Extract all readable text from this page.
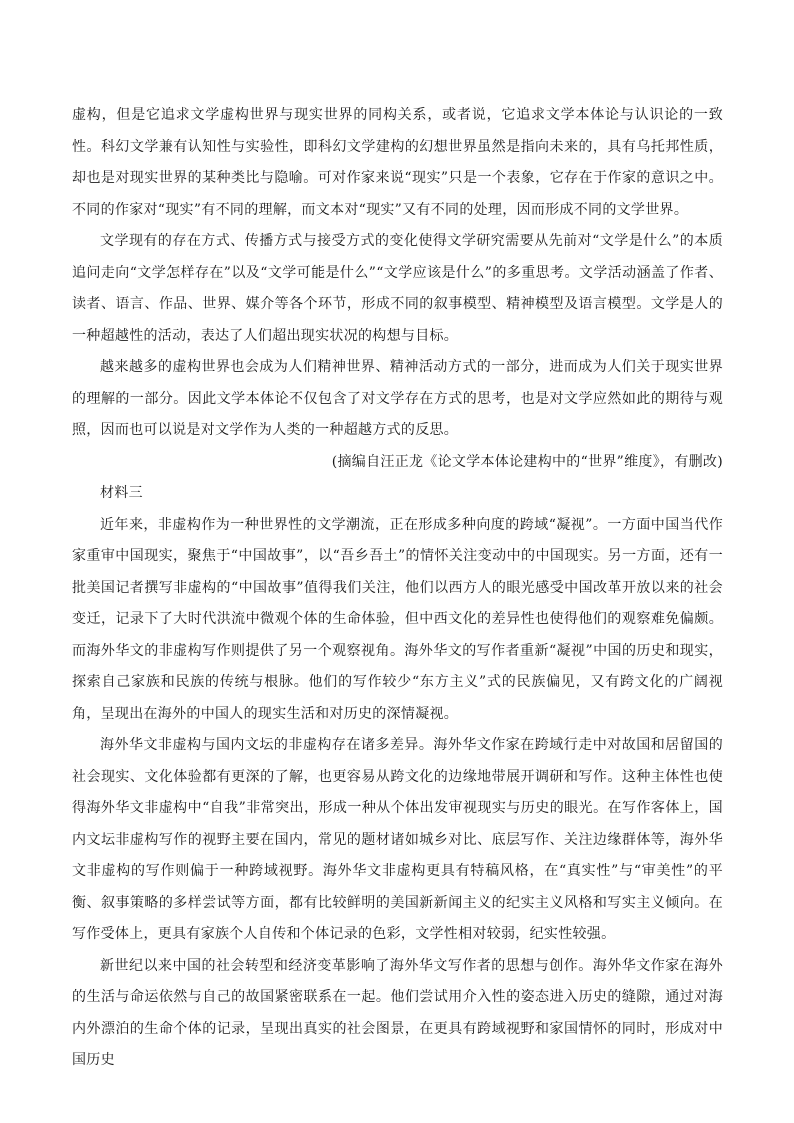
虚构，但是它追求文学虚构世界与现实世界的同构关系，或者说，它追求文学本体论与认识论的一致性。科幻文学兼有认知性与实验性，即科幻文学建构的幻想世界虽然是指向未来的，具有乌托邦性质，却也是对现实世界的某种类比与隐喻。可对作家来说“现实”只是一个表象，它存在于作家的意识之中。不同的作家对“现实”有不同的理解，而文本对“现实”又有不同的处理，因而形成不同的文学世界。

文学现有的存在方式、传播方式与接受方式的变化使得文学研究需要从先前对“文学是什么”的本质追问走向“文学怎样存在”以及“文学可能是什么”“文学应该是什么”的多重思考。文学活动涵盖了作者、读者、语言、作品、世界、媒介等各个环节，形成不同的叙事模型、精神模型及语言模型。文学是人的一种超越性的活动，表达了人们超出现实状况的构想与目标。

越来越多的虚构世界也会成为人们精神世界、精神活动方式的一部分，进而成为人们关于现实世界的理解的一部分。因此文学本体论不仅包含了对文学存在方式的思考，也是对文学应然如此的期待与观照，因而也可以说是对文学作为人类的一种超越方式的反思。

(摘编自汪正龙《论文学本体论建构中的“世界”维度》，有删改)

材料三

近年来，非虚构作为一种世界性的文学潮流，正在形成多种向度的跨域“凝视”。一方面中国当代作家重审中国现实，聚焦于“中国故事”，以“吾乡吾土”的情怀关注变动中的中国现实。另一方面，还有一批美国记者撰写非虚构的“中国故事”值得我们关注，他们以西方人的眼光感受中国改革开放以来的社会变迁，记录下了大时代洪流中微观个体的生命体验，但中西文化的差异性也使得他们的观察难免偏颇。而海外华文的非虚构写作则提供了另一个观察视角。海外华文的写作者重新“凝视”中国的历史和现实，探索自己家族和民族的传统与根脉。他们的写作较少“东方主义”式的民族偏见，又有跨文化的广阔视角，呈现出在海外的中国人的现实生活和对历史的深情凝视。

海外华文非虚构与国内文坛的非虚构存在诸多差异。海外华文作家在跨域行走中对故国和居留国的社会现实、文化体验都有更深的了解，也更容易从跨文化的边缘地带展开调研和写作。这种主体性也使得海外华文非虚构中“自我”非常突出，形成一种从个体出发审视现实与历史的眼光。在写作客体上，国内文坛非虚构写作的视野主要在国内，常见的题材诸如城乡对比、底层写作、关注边缘群体等，海外华文非虚构的写作则偏于一种跨域视野。海外华文非虚构更具有特稿风格，在“真实性”与“审美性”的平衡、叙事策略的多样尝试等方面，都有比较鲜明的美国新新闻主义的纪实主义风格和写实主义倾向。在写作受体上，更具有家族个人自传和个体记录的色彩，文学性相对较弱，纪实性较强。

新世纪以来中国的社会转型和经济变革影响了海外华文写作者的思想与创作。海外华文作家在海外的生活与命运依然与自己的故国紧密联系在一起。他们尝试用介入性的姿态进入历史的缝隙，通过对海内外漂泊的生命个体的记录，呈现出真实的社会图景，在更具有跨域视野和家国情怀的同时，形成对中国历史
